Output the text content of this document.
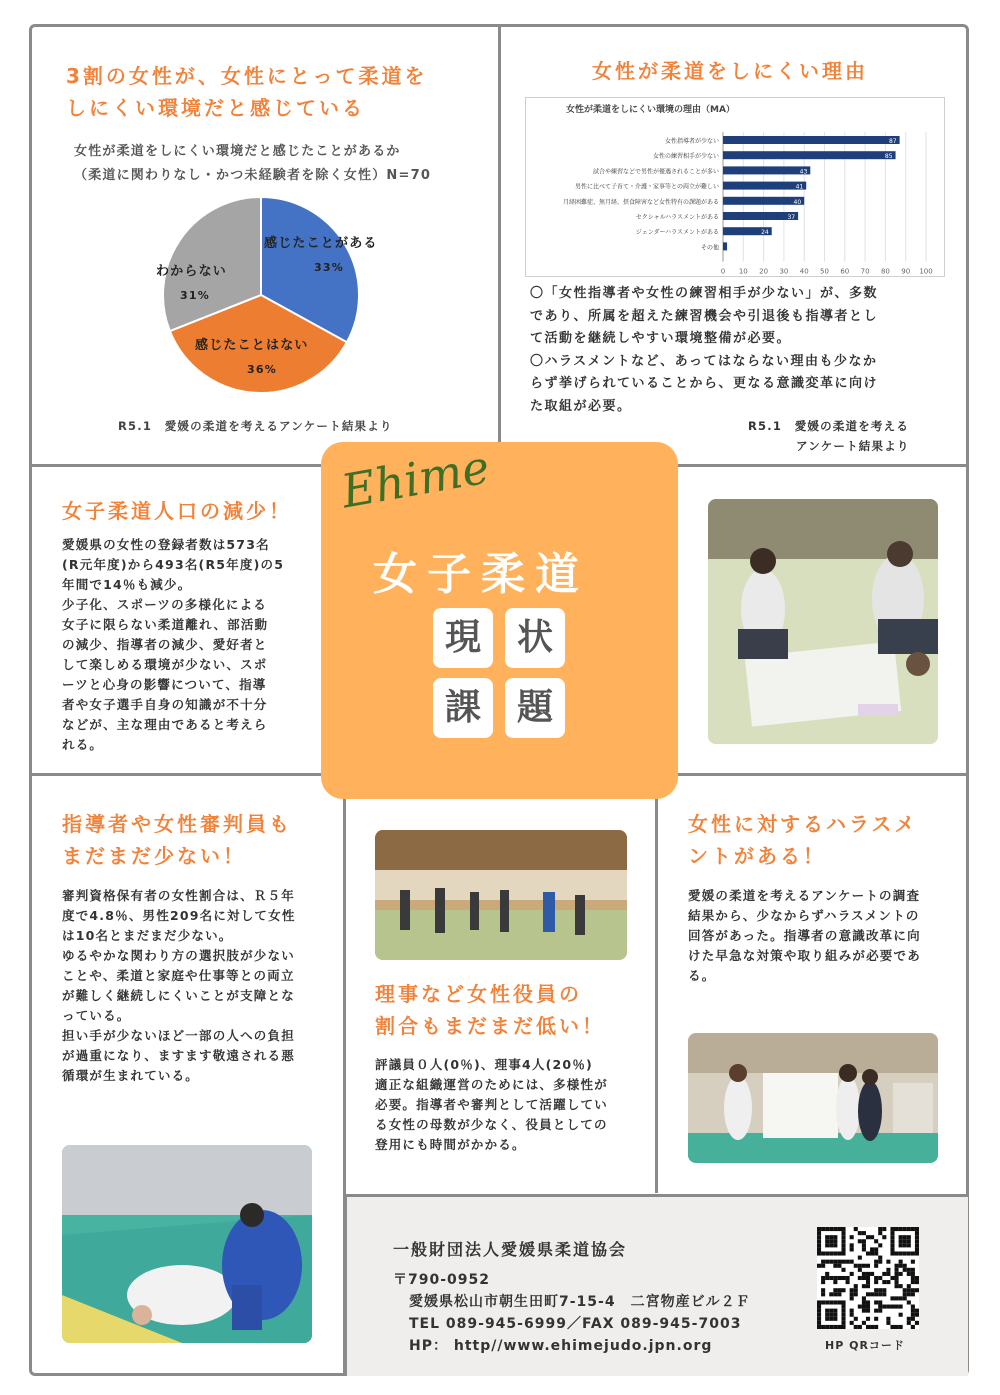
3割の女性が、女性にとって柔道を
しにくい環境だと感じている
女性が柔道をしにくい環境だと感じたことがあるか
（柔道に関わりなし・かつ未経験者を除く女性）N=70
感じたことがある
33%
感じたことはない
36%
わからない
31%
R5.1　愛媛の柔道を考えるアンケート結果より
女性が柔道をしにくい理由
女性が柔道をしにくい環境の理由（MA）
0 10 20 30 40 50 60 70 80 90 100
女性指導者が少ない	87
女性の練習相手が少ない	85
試合や練習などで男性が優遇されることが多い	43
男性に比べて子育て・介護・家事等との両立が難しい	41
月経困難症、無月経、摂食障害など女性特有の課題がある	40
セクシャルハラスメントがある	37
ジェンダーハラスメントがある	24
その他
〇「女性指導者や女性の練習相手が少ない」が、多数
であり、所属を超えた練習機会や引退後も指導者とし
て活動を継続しやすい環境整備が必要。
〇ハラスメントなど、あってはならない理由も少なか
らず挙げられていることから、更なる意識変革に向け
た取組が必要。
R5.1　愛媛の柔道を考える
アンケート結果より
Ehime
女子柔道
現 状
課 題
女子柔道人口の減少！
愛媛県の女性の登録者数は573名
(R元年度)から493名(R5年度)の5
年間で14％も減少。
少子化、スポーツの多様化による
女子に限らない柔道離れ、部活動
の減少、指導者の減少、愛好者と
して楽しめる環境が少ない、スポ
ーツと心身の影響について、指導
者や女子選手自身の知識が不十分
などが、主な理由であると考えら
れる。
指導者や女性審判員も
まだまだ少ない！
審判資格保有者の女性割合は、Ｒ５年
度で4.8％、男性209名に対して女性
は10名とまだまだ少ない。
ゆるやかな関わり方の選択肢が少ない
ことや、柔道と家庭や仕事等との両立
が難しく継続しにくいことが支障とな
っている。
担い手が少ないほど一部の人への負担
が過重になり、ますます敬遠される悪
循環が生まれている。
理事など女性役員の
割合もまだまだ低い！
評議員０人(0％)、理事4人(20％)
適正な組織運営のためには、多様性が
必要。指導者や審判として活躍してい
る女性の母数が少なく、役員としての
登用にも時間がかかる。
女性に対するハラスメ
ントがある！
愛媛の柔道を考えるアンケートの調査
結果から、少なからずハラスメントの
回答があった。指導者の意識改革に向
けた早急な対策や取り組みが必要であ
る。
一般財団法人愛媛県柔道協会
〒790-0952
愛媛県松山市朝生田町7-15-4　二宮物産ビル２Ｆ
TEL 089-945-6999／FAX 089-945-7003
HP： http//www.ehimejudo.jpn.org	HP QRコード
